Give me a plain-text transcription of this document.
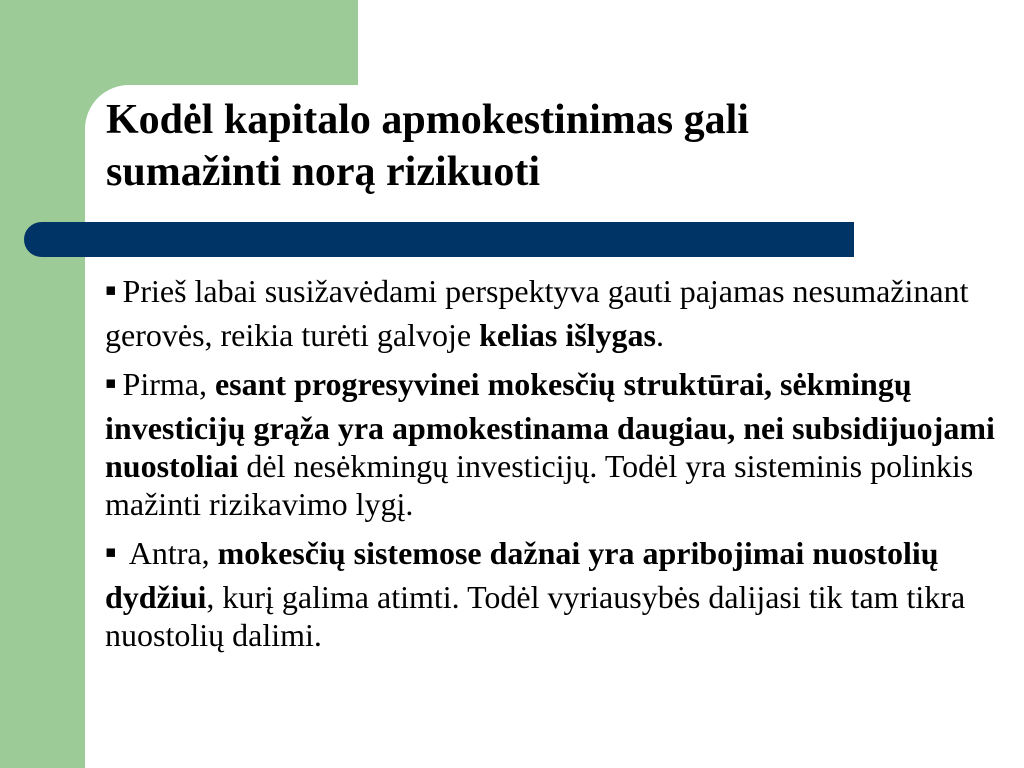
Kodėl kapitalo apmokestinimas gali
sumažinti norą rizikuoti

▪ Prieš labai susižavėdami perspektyva gauti pajamas nesumažinant gerovės, reikia turėti galvoje kelias išlygas.

▪ Pirma, esant progresyvinei mokesčių struktūrai, sėkmingų investicijų grąža yra apmokestinama daugiau, nei subsidijuojami nuostoliai dėl nesėkmingų investicijų. Todėl yra sisteminis polinkis mažinti rizikavimo lygį.

▪ Antra, mokesčių sistemose dažnai yra apribojimai nuostolių dydžiui, kurį galima atimti. Todėl vyriausybės dalijasi tik tam tikra nuostolių dalimi.
